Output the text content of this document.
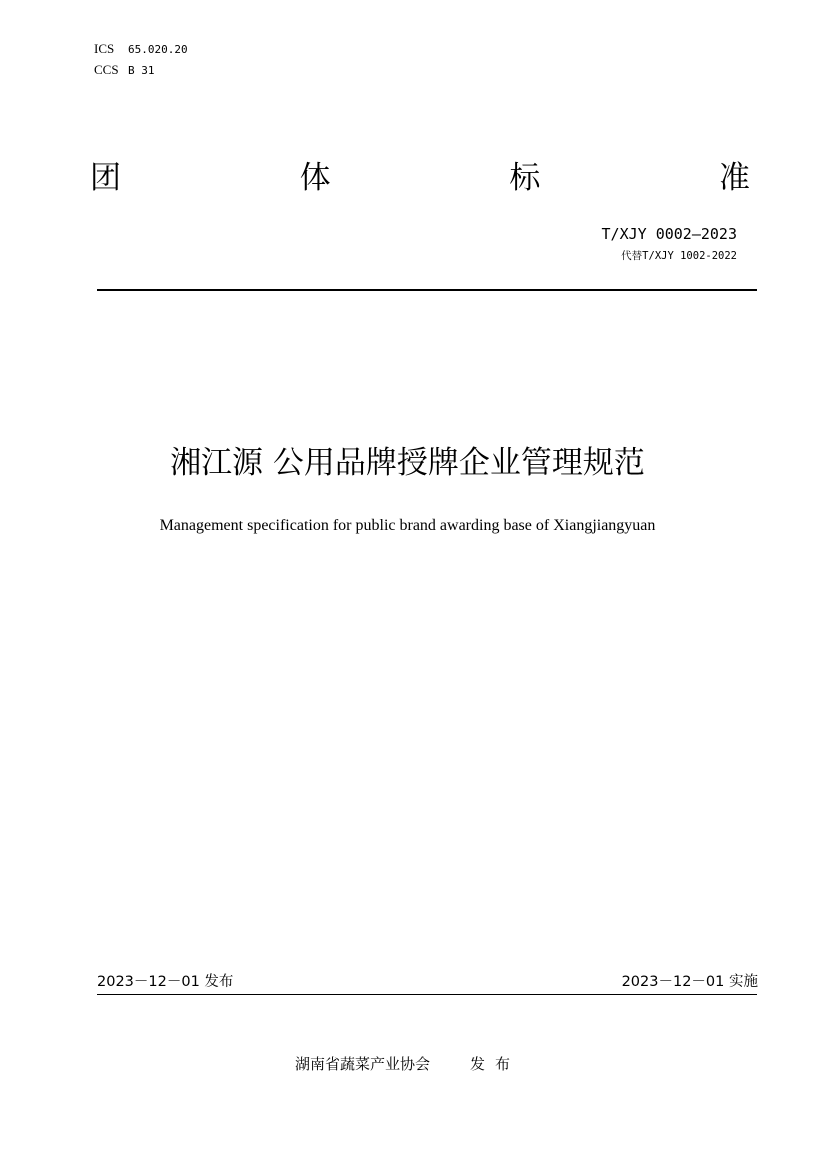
ICS 65.020.20
CCS B 31
团	体	标	准
T/XJY 0002—2023
代替T/XJY 1002-2022
湘江源 公用品牌授牌企业管理规范
Management specification for public brand awarding base of Xiangjiangyuan
2023－12－01 发布	2023－12－01 实施
湖南省蔬菜产业协会	发布
